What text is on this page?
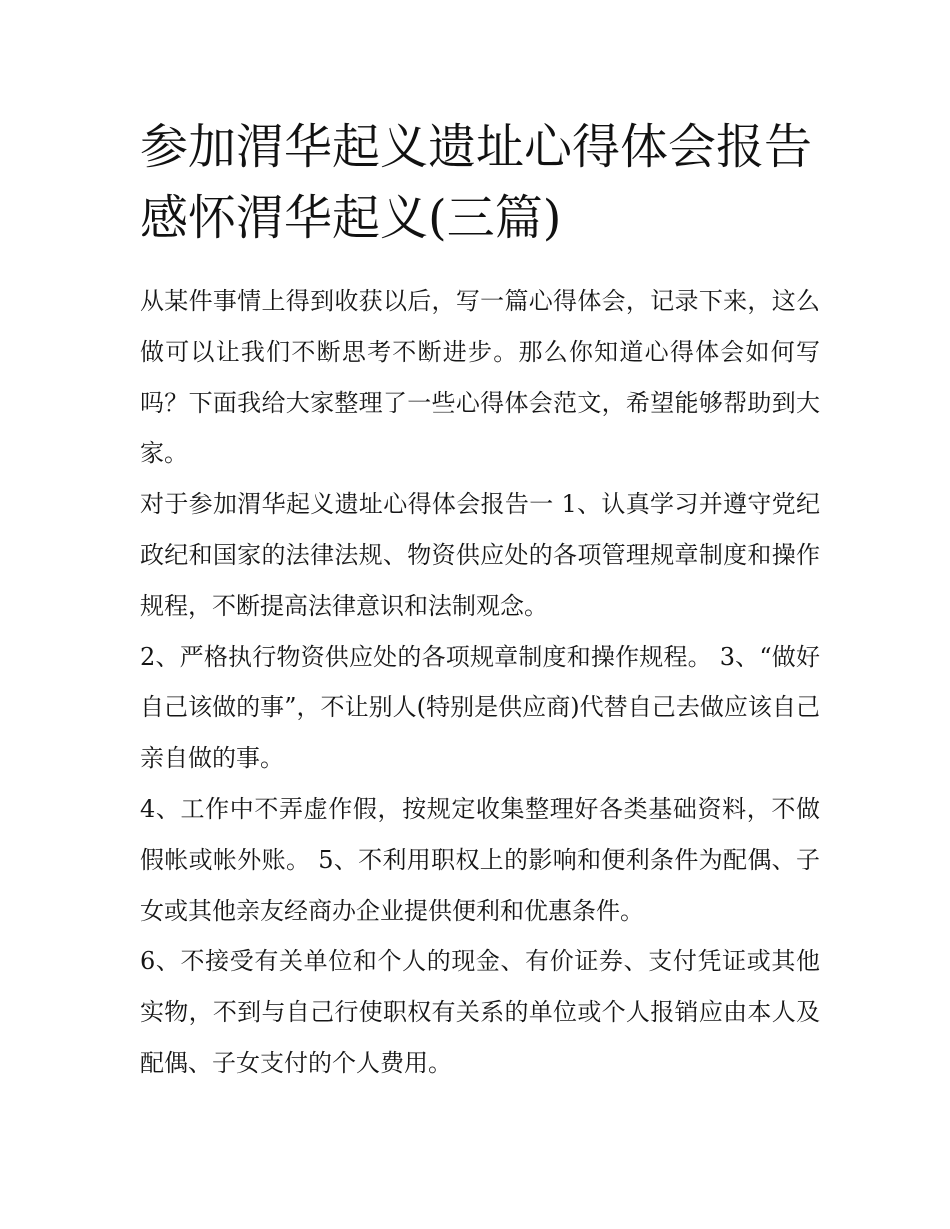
参加渭华起义遗址心得体会报告 感怀渭华起义(三篇)

从某件事情上得到收获以后，写一篇心得体会，记录下来，这么做可以让我们不断思考不断进步。那么你知道心得体会如何写吗？下面我给大家整理了一些心得体会范文，希望能够帮助到大家。

对于参加渭华起义遗址心得体会报告一 1、认真学习并遵守党纪政纪和国家的法律法规、物资供应处的各项管理规章制度和操作规程，不断提高法律意识和法制观念。

2、严格执行物资供应处的各项规章制度和操作规程。 3、“做好自己该做的事”，不让别人(特别是供应商)代替自己去做应该自己亲自做的事。

4、工作中不弄虚作假，按规定收集整理好各类基础资料，不做假帐或帐外账。 5、不利用职权上的影响和便利条件为配偶、子女或其他亲友经商办企业提供便利和优惠条件。

6、不接受有关单位和个人的现金、有价证券、支付凭证或其他实物，不到与自己行使职权有关系的单位或个人报销应由本人及配偶、子女支付的个人费用。
